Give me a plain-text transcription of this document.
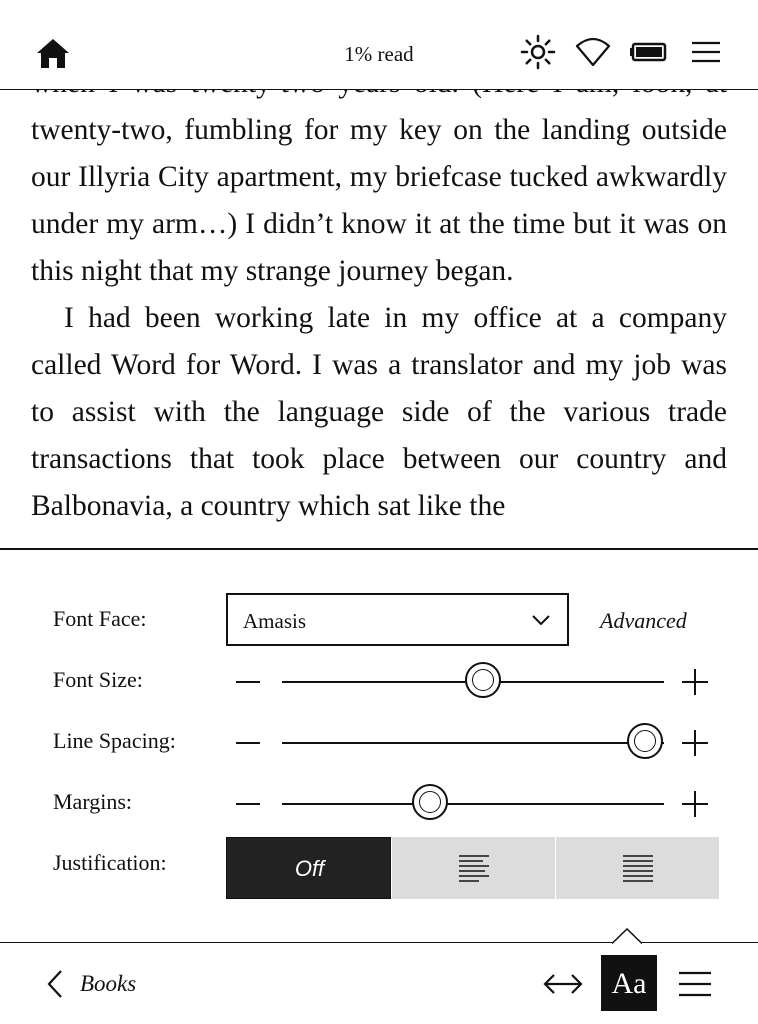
twenty-two, fumbling for my key on the landing outside our Illyria City apartment, my briefcase tucked awkwardly under my arm…) I didn’t know it at the time but it was on this night that my strange journey began.

I had been working late in my office at a company called Word for Word. I was a translator and my job was to assist with the language side of the various trade transactions that took place between our country and Balbonavia, a country which sat like the

1% read
Font Face:	Amasis	Advanced
Font Size:
Line Spacing:
Margins:
Justification:	Off
Books	Aa
